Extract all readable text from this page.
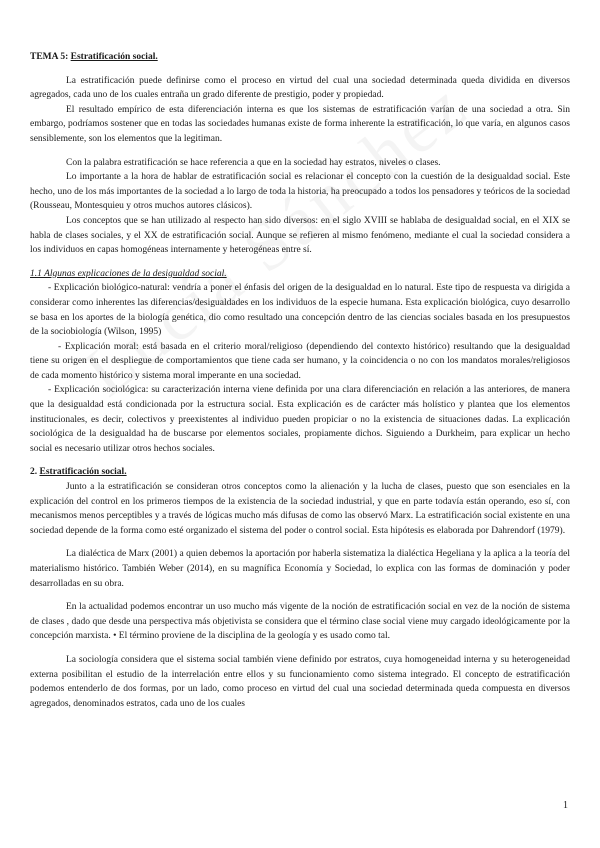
TEMA 5: Estratificación social.

La estratificación puede definirse como el proceso en virtud del cual una sociedad determinada queda dividida en diversos agregados, cada uno de los cuales entraña un grado diferente de prestigio, poder y propiedad.

El resultado empírico de esta diferenciación interna es que los sistemas de estratificación varían de una sociedad a otra. Sin embargo, podríamos sostener que en todas las sociedades humanas existe de forma inherente la estratificación, lo que varía, en algunos casos sensiblemente, son los elementos que la legitiman.

Con la palabra estratificación se hace referencia a que en la sociedad hay estratos, niveles o clases.

Lo importante a la hora de hablar de estratificación social es relacionar el concepto con la cuestión de la desigualdad social. Este hecho, uno de los más importantes de la sociedad a lo largo de toda la historia, ha preocupado a todos los pensadores y teóricos de la sociedad (Rousseau, Montesquieu y otros muchos autores clásicos).

Los conceptos que se han utilizado al respecto han sido diversos: en el siglo XVIII se hablaba de desigualdad social, en el XIX se habla de clases sociales, y el XX de estratificación social. Aunque se refieren al mismo fenómeno, mediante el cual la sociedad considera a los individuos en capas homogéneas internamente y heterogéneas entre sí.

1.1 Algunas explicaciones de la desigualdad social.

- Explicación biológico-natural: vendría a poner el énfasis del origen de la desigualdad en lo natural. Este tipo de respuesta va dirigida a considerar como inherentes las diferencias/desigualdades en los individuos de la especie humana. Esta explicación biológica, cuyo desarrollo se basa en los aportes de la biología genética, dio como resultado una concepción dentro de las ciencias sociales basada en los presupuestos de la sociobiología (Wilson, 1995)

- Explicación moral: está basada en el criterio moral/religioso (dependiendo del contexto histórico) resultando que la desigualdad tiene su origen en el despliegue de comportamientos que tiene cada ser humano, y la coincidencia o no con los mandatos morales/religiosos de cada momento histórico y sistema moral imperante en una sociedad.

- Explicación sociológica: su caracterización interna viene definida por una clara diferenciación en relación a las anteriores, de manera que la desigualdad está condicionada por la estructura social. Esta explicación es de carácter más holístico y plantea que los elementos institucionales, es decir, colectivos y preexistentes al individuo pueden propiciar o no la existencia de situaciones dadas. La explicación sociológica de la desigualdad ha de buscarse por elementos sociales, propiamente dichos. Siguiendo a Durkheim, para explicar un hecho social es necesario utilizar otros hechos sociales.

2. Estratificación social.

Junto a la estratificación se consideran otros conceptos como la alienación y la lucha de clases, puesto que son esenciales en la explicación del control en los primeros tiempos de la existencia de la sociedad industrial, y que en parte todavía están operando, eso sí, con mecanismos menos perceptibles y a través de lógicas mucho más difusas de como las observó Marx. La estratificación social existente en una sociedad depende de la forma como esté organizado el sistema del poder o control social. Esta hipótesis es elaborada por Dahrendorf (1979).

La dialéctica de Marx (2001) a quien debemos la aportación por haberla sistematiza la dialéctica Hegeliana y la aplica a la teoría del materialismo histórico. También Weber (2014), en su magnífica Economía y Sociedad, lo explica con las formas de dominación y poder desarrolladas en su obra.

En la actualidad podemos encontrar un uso mucho más vigente de la noción de estratificación social en vez de la noción de sistema de clases , dado que desde una perspectiva más objetivista se considera que el término clase social viene muy cargado ideológicamente por la concepción marxista. • El término proviene de la disciplina de la geología y es usado como tal.

La sociología considera que el sistema social también viene definido por estratos, cuya homogeneidad interna y su heterogeneidad externa posibilitan el estudio de la interrelación entre ellos y su funcionamiento como sistema integrado. El concepto de estratificación podemos entenderlo de dos formas, por un lado, como proceso en virtud del cual una sociedad determinada queda compuesta en diversos agregados, denominados estratos, cada uno de los cuales

1
